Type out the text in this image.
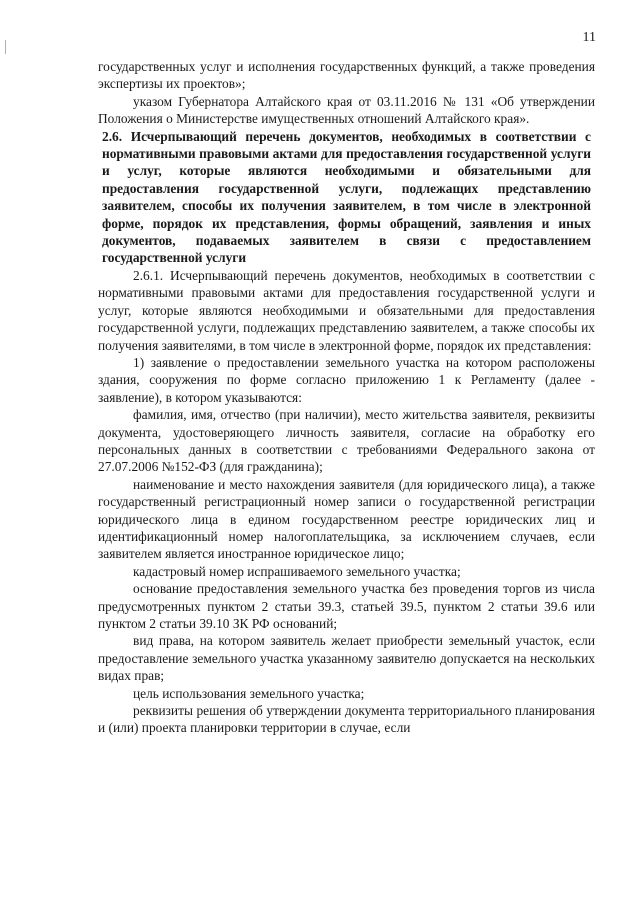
11

государственных услуг и исполнения государственных функций, а также проведения экспертизы их проектов»;

указом Губернатора Алтайского края от 03.11.2016 № 131 «Об утверждении Положения о Министерстве имущественных отношений Алтайского края».

2.6. Исчерпывающий перечень документов, необходимых в соответствии с нормативными правовыми актами для предоставления государственной услуги и услуг, которые являются необходимыми и обязательными для предоставления государственной услуги, подлежащих представлению заявителем, способы их получения заявителем, в том числе в электронной форме, порядок их представления, формы обращений, заявления и иных документов, подаваемых заявителем в связи с предоставлением государственной услуги

2.6.1. Исчерпывающий перечень документов, необходимых в соответствии с нормативными правовыми актами для предоставления государственной услуги и услуг, которые являются необходимыми и обязательными для предоставления государственной услуги, подлежащих представлению заявителем, а также способы их получения заявителями, в том числе в электронной форме, порядок их представления:

1) заявление о предоставлении земельного участка на котором расположены здания, сооружения по форме согласно приложению 1 к Регламенту (далее - заявление), в котором указываются:

фамилия, имя, отчество (при наличии), место жительства заявителя, реквизиты документа, удостоверяющего личность заявителя, согласие на обработку его персональных данных в соответствии с требованиями Федерального закона от 27.07.2006 №152-ФЗ (для гражданина);

наименование и место нахождения заявителя (для юридического лица), а также государственный регистрационный номер записи о государственной регистрации юридического лица в едином государственном реестре юридических лиц и идентификационный номер налогоплательщика, за исключением случаев, если заявителем является иностранное юридическое лицо;

кадастровый номер испрашиваемого земельного участка;

основание предоставления земельного участка без проведения торгов из числа предусмотренных пунктом 2 статьи 39.3, статьей 39.5, пунктом 2 статьи 39.6 или пунктом 2 статьи 39.10 ЗК РФ оснований;

вид права, на котором заявитель желает приобрести земельный участок, если предоставление земельного участка указанному заявителю допускается на нескольких видах прав;

цель использования земельного участка;

реквизиты решения об утверждении документа территориального планирования и (или) проекта планировки территории в случае, если
